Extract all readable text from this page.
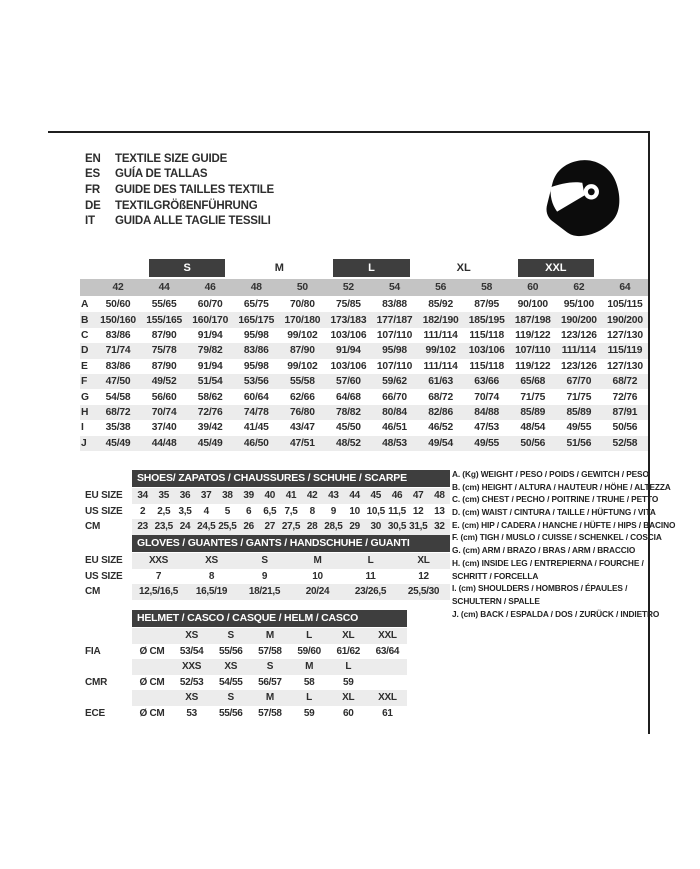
EN	TEXTILE SIZE GUIDE
ES	GUÍA DE TALLAS
FR	GUIDE DES TAILLES TEXTILE
DE	TEXTILGRÖßENFÜHRUNG
IT	GUIDA ALLE TAGLIE TESSILI
S	M	L	XL	XXL
42	44	46	48	50	52	54	56	58	60	62	64
A	50/60	55/65	60/70	65/75	70/80	75/85	83/88	85/92	87/95	90/100	95/100	105/115
B	150/160 155/165 160/170 165/175 170/180 173/183 177/187 182/190 185/195 187/198 190/200 190/200
C	83/86	87/90	91/94	95/98	99/102	103/106	107/110	111/114	115/118	119/122	123/126 127/130
D	71/74	75/78	79/82	83/86	87/90	91/94	95/98	99/102	103/106	107/110	111/114	115/119
E	83/86	87/90	91/94	95/98	99/102	103/106	107/110	111/114	115/118	119/122	123/126 127/130
F	47/50	49/52	51/54	53/56	55/58	57/60	59/62	61/63	63/66	65/68	67/70	68/72
G	54/58	56/60	58/62	60/64	62/66	64/68	66/70	68/72	70/74	71/75	71/75	72/76
H	68/72	70/74	72/76	74/78	76/80	78/82	80/84	82/86	84/88	85/89	85/89	87/91
I	35/38	37/40	39/42	41/45	43/47	45/50	46/51	46/52	47/53	48/54	49/55	50/56
J	45/49	44/48	45/49	46/50	47/51	48/52	48/53	49/54	49/55	50/56	51/56	52/58
SHOES/ ZAPATOS / CHAUSSURES / SCHUHE / SCARPE
EU SIZE	34	35	36	37	38	39	40	41	42	43	44	45	46	47	48
US SIZE	2	2,5 3,5	4	5	6	6,5 7,5	8	9	10 10,5 11,5 12	13
CM	23 23,5 24 24,5 25,5 26	27 27,5 28 28,5 29	30 30,5 31,5 32
GLOVES / GUANTES / GANTS / HANDSCHUHE / GUANTI
EU SIZE	XXS	XS	S	M	L	XL
US SIZE	7	8	9	10	11	12
CM	12,5/16,5	16,5/19	18/21,5	20/24	23/26,5	25,5/30
HELMET / CASCO / CASQUE / HELM / CASCO
XS	S	M	L	XL	XXL
FIA	Ø CM	53/54	55/56	57/58	59/60	61/62	63/64
XXS	XS	S	M	L
CMR	Ø CM	52/53	54/55	56/57	58	59
XS	S	M	L	XL	XXL
ECE	Ø CM	53	55/56	57/58	59	60	61
A. (Kg) WEIGHT / PESO / POIDS / GEWITCH / PESO
B. (cm) HEIGHT / ALTURA / HAUTEUR / HÖHE / ALTEZZA
C. (cm) CHEST / PECHO / POITRINE / TRUHE / PETTO
D. (cm) WAIST / CINTURA / TAILLE / HÜFTUNG / VITA
E. (cm) HIP / CADERA / HANCHE / HÜFTE / HIPS / BACINO
F. (cm) TIGH / MUSLO / CUISSE / SCHENKEL / COSCIA
G. (cm) ARM / BRAZO / BRAS / ARM / BRACCIO
H. (cm) INSIDE LEG / ENTREPIERNA / FOURCHE /
SCHRITT / FORCELLA
I. (cm) SHOULDERS / HOMBROS / ÉPAULES /
SCHULTERN / SPALLE
J. (cm) BACK / ESPALDA / DOS / ZURÜCK / INDIETRO
